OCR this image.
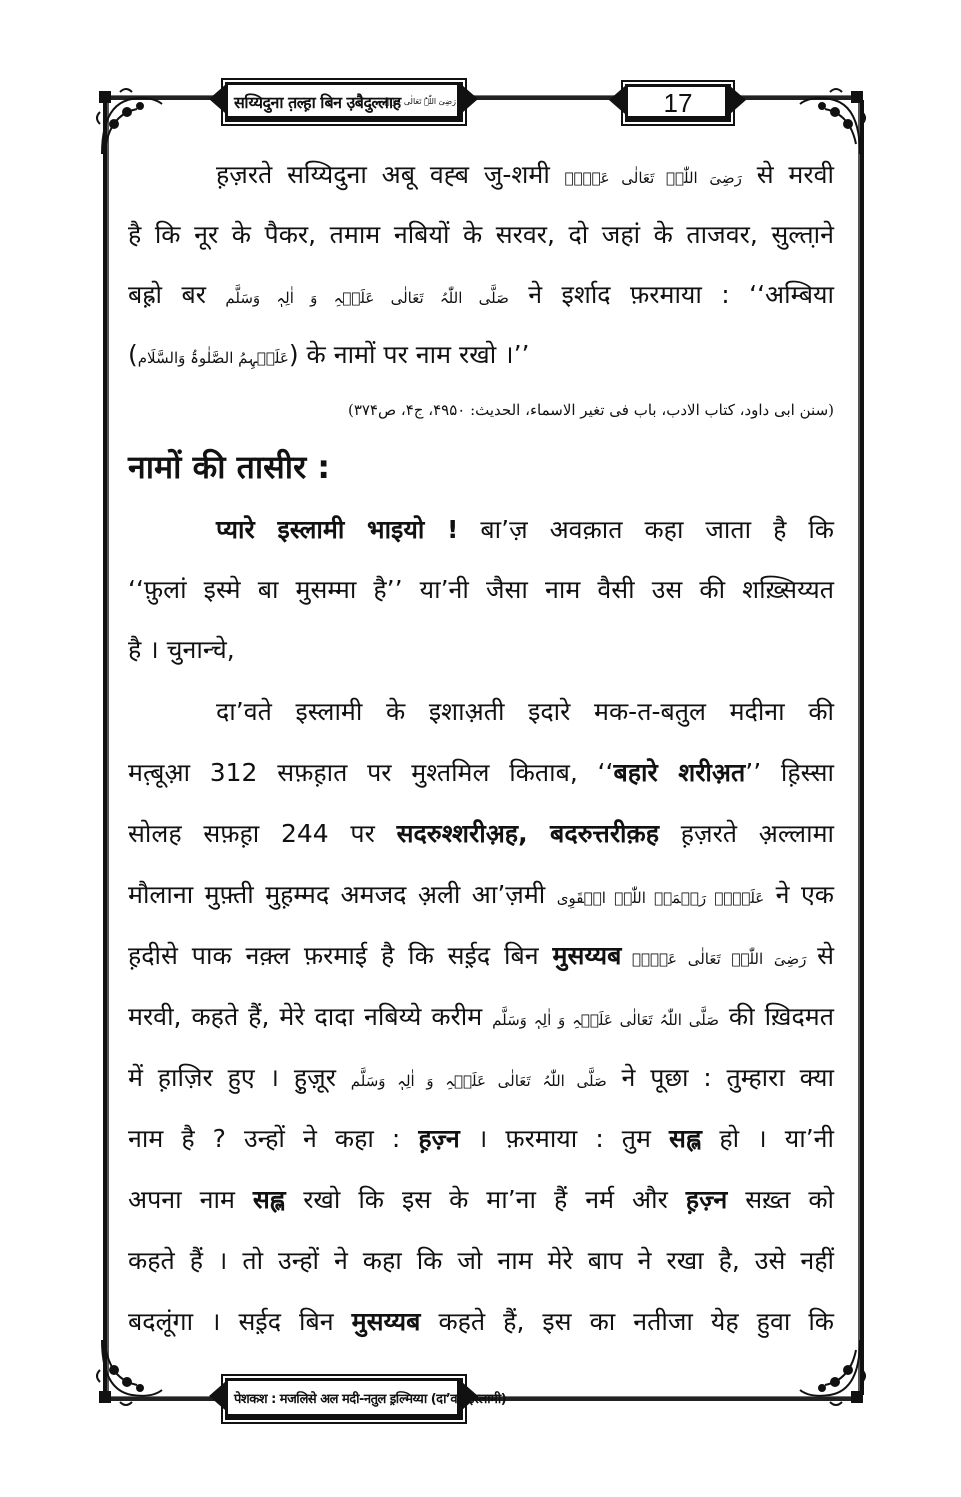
सय्यिदुना त़ल्ह़ा बिन उ़बैदुल्लाह
رَضِیَ اللّٰہُ تَعَالٰی عَنۡہُ	17
ह़ज़रते सय्यिदुना अबू वह्ब जु-शमी رَضِیَ اللّٰہُ تَعَالٰی عَنۡہُ से मरवी
है कि नूर के पैकर, तमाम नबियों के सरवर, दो जहां के ताजवर, सुल्ता़ने
बह़्रो बर صَلَّی اللّٰہُ تَعَالٰی عَلَیۡہِ وَ اٰلِہٖ وَسَلَّم ने इर्शाद फ़रमाया : ‘‘अम्बिया
(عَلَیۡہِمُ الصَّلٰوۃُ وَالسَّلَام) के नामों पर नाम रखो ।’’
(سنن ابی داود، کتاب الادب، باب فی تغیر الاسماء، الحدیث: ۴۹۵۰، ج۴، ص۳۷۴)
नामों की तासीर :
प्यारे इस्लामी भाइयो ! बा’ज़ अवक़ात कहा जाता है कि
‘‘फ़ुलां इस्मे बा मुसम्मा है’’ या’नी जैसा नाम वैसी उस की शख़्सिय्यत
है । चुनान्चे,
दा’वते इस्लामी के इशाअ़ती इदारे मक-त-बतुल मदीना की
मत़्बूआ़ 312 सफ़ह़ात पर मुश्तमिल किताब, ‘‘बहारे शरीअ़त’’ ह़िस्सा
सोलह सफ़ह़ा 244 पर सदरुश्शरीअ़ह, बदरुत्तरीक़ह ह़ज़रते अ़ल्लामा
मौलाना मुफ़्ती मुह़म्मद अमजद अ़ली आ’ज़मी عَلَیۡہِ رَحۡمَۃُ اللّٰہِ الۡقَوِی ने एक
ह़दीसे पाक नक़्ल फ़रमाई है कि सई़द बिन मुसय्यब رَضِیَ اللّٰہُ تَعَالٰی عَنۡہُ से
मरवी, कहते हैं, मेरे दादा नबिय्ये करीम صَلَّی اللّٰہُ تَعَالٰی عَلَیۡہِ وَ اٰلِہٖ وَسَلَّم की ख़िदमत
में ह़ाज़िर हुए । हु़जू़र صَلَّی اللّٰہُ تَعَالٰی عَلَیۡہِ وَ اٰلِہٖ وَسَلَّم ने पूछा : तुम्हारा क्या
नाम है ? उन्हों ने कहा : ह़ज़्न । फ़रमाया : तुम सह्ल हो । या’नी
अपना नाम सह्ल रखो कि इस के मा’ना हैं नर्म और ह़ज़्न सख़्त को
कहते हैं । तो उन्हों ने कहा कि जो नाम मेरे बाप ने रखा है, उसे नहीं
बदलूंगा । सई़द बिन मुसय्यब कहते हैं, इस का नतीजा येह हुवा कि
पेशकश : मजलिसे अल मदी-नतुल इ़ल्मिय्या (दा’वते इस्लामी)
